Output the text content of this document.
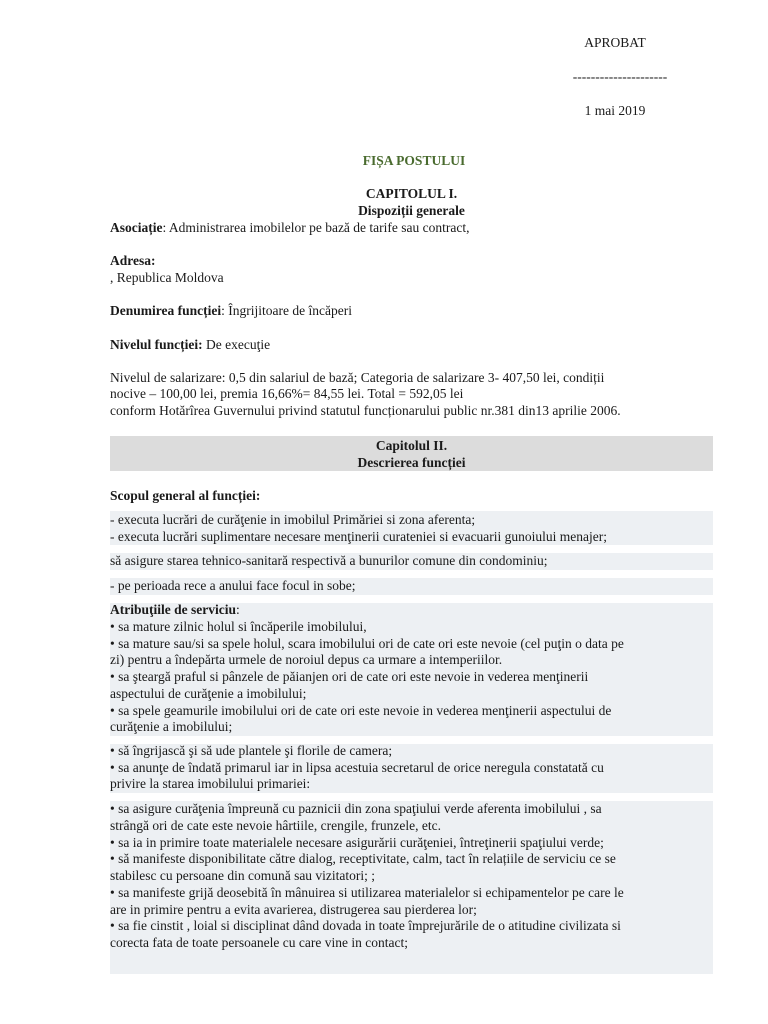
APROBAT
---------------------
1 mai 2019
FIȘA POSTULUI
CAPITOLUL I.
Dispoziții generale
Asociație: Administrarea imobilelor pe bază de tarife sau contract,
Adresa:
, Republica Moldova
Denumirea funcției: Îngrijitoare de încăperi
Nivelul funcției: De execuţie
Nivelul de salarizare: 0,5 din salariul de bază; Categoria de salarizare 3- 407,50 lei, condiții
nocive – 100,00 lei, premia 16,66%= 84,55 lei. Total = 592,05 lei
conform Hotărîrea Guvernului privind statutul funcționarului public nr.381 din13 aprilie 2006.
Capitolul II.
Descrierea funcției
Scopul general al funcției:
- executa lucrări de curăţenie in imobilul Primăriei si zona aferenta;
- executa lucrări suplimentare necesare menţinerii curateniei si evacuarii gunoiului menajer;
să asigure starea tehnico-sanitară respectivă a bunurilor comune din condominiu;
- pe perioada rece a anului face focul in sobe;
Atribuţiile de serviciu:
• sa mature zilnic holul si încăperile imobilului,
• sa mature sau/si sa spele holul, scara imobilului ori de cate ori este nevoie (cel puţin o data pe
zi) pentru a îndepărta urmele de noroiul depus ca urmare a intemperiilor.
• sa şteargă praful si pânzele de păianjen ori de cate ori este nevoie in vederea menţinerii
aspectului de curăţenie a imobilului;
• sa spele geamurile imobilului ori de cate ori este nevoie in vederea menţinerii aspectului de
curăţenie a imobilului;
• să îngrijască şi să ude plantele şi florile de camera;
• sa anunţe de îndată primarul iar in lipsa acestuia secretarul de orice neregula constatată cu
privire la starea imobilului primariei:
• sa asigure curăţenia împreună cu paznicii din zona spaţiului verde aferenta imobilului , sa
strângă ori de cate este nevoie hârtiile, crengile, frunzele, etc.
• sa ia in primire toate materialele necesare asigurării curăţeniei, întreţinerii spaţiului verde;
• să manifeste disponibilitate către dialog, receptivitate, calm, tact în relațiile de serviciu ce se
stabilesc cu persoane din comună sau vizitatori; ;
• sa manifeste grijă deosebită în mânuirea si utilizarea materialelor si echipamentelor pe care le
are in primire pentru a evita avarierea, distrugerea sau pierderea lor;
• sa fie cinstit , loial si disciplinat dând dovada in toate împrejurările de o atitudine civilizata si
corecta fata de toate persoanele cu care vine in contact;
